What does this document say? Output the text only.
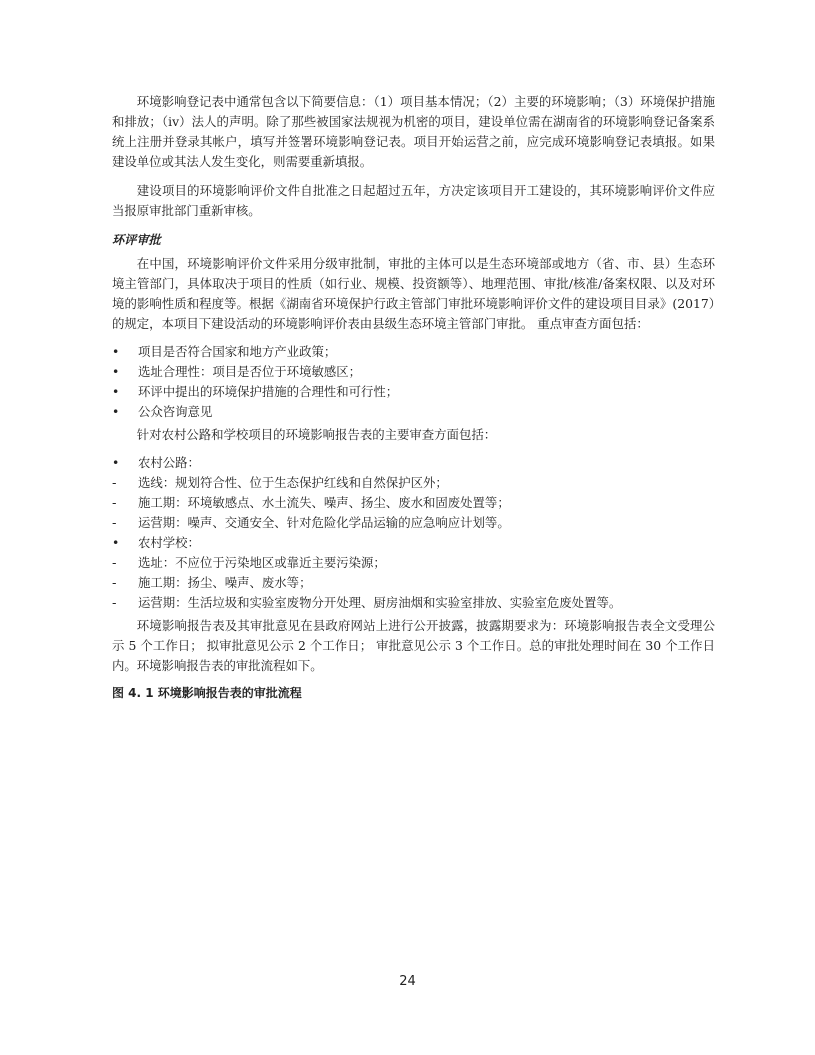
环境影响登记表中通常包含以下简要信息：（1）项目基本情况；（2）主要的环境影响；（3）环境保护措施和排放；（iv）法人的声明。除了那些被国家法规视为机密的项目，建设单位需在湖南省的环境影响登记备案系统上注册并登录其帐户，填写并签署环境影响登记表。项目开始运营之前，应完成环境影响登记表填报。如果建设单位或其法人发生变化，则需要重新填报。

建设项目的环境影响评价文件自批准之日起超过五年，方决定该项目开工建设的，其环境影响评价文件应当报原审批部门重新审核。

环评审批

在中国，环境影响评价文件采用分级审批制，审批的主体可以是生态环境部或地方（省、市、县）生态环境主管部门，具体取决于项目的性质（如行业、规模、投资额等）、地理范围、审批/核准/备案权限、以及对环境的影响性质和程度等。根据《湖南省环境保护行政主管部门审批环境影响评价文件的建设项目目录》(2017）的规定，本项目下建设活动的环境影响评价表由县级生态环境主管部门审批。 重点审查方面包括：

•	项目是否符合国家和地方产业政策；
•	选址合理性：项目是否位于环境敏感区；
•	环评中提出的环境保护措施的合理性和可行性；
•	公众咨询意见

针对农村公路和学校项目的环境影响报告表的主要审查方面包括：

•	农村公路：
-	选线：规划符合性、位于生态保护红线和自然保护区外；
-	施工期：环境敏感点、水土流失、噪声、扬尘、废水和固废处置等；
-	运营期：噪声、交通安全、针对危险化学品运输的应急响应计划等。
•	农村学校：
-	选址：不应位于污染地区或靠近主要污染源；
-	施工期：扬尘、噪声、废水等；
-	运营期：生活垃圾和实验室废物分开处理、厨房油烟和实验室排放、实验室危废处置等。

环境影响报告表及其审批意见在县政府网站上进行公开披露，披露期要求为：环境影响报告表全文受理公示 5 个工作日； 拟审批意见公示 2 个工作日； 审批意见公示 3 个工作日。总的审批处理时间在 30 个工作日内。环境影响报告表的审批流程如下。

图 4. 1 环境影响报告表的审批流程

24
